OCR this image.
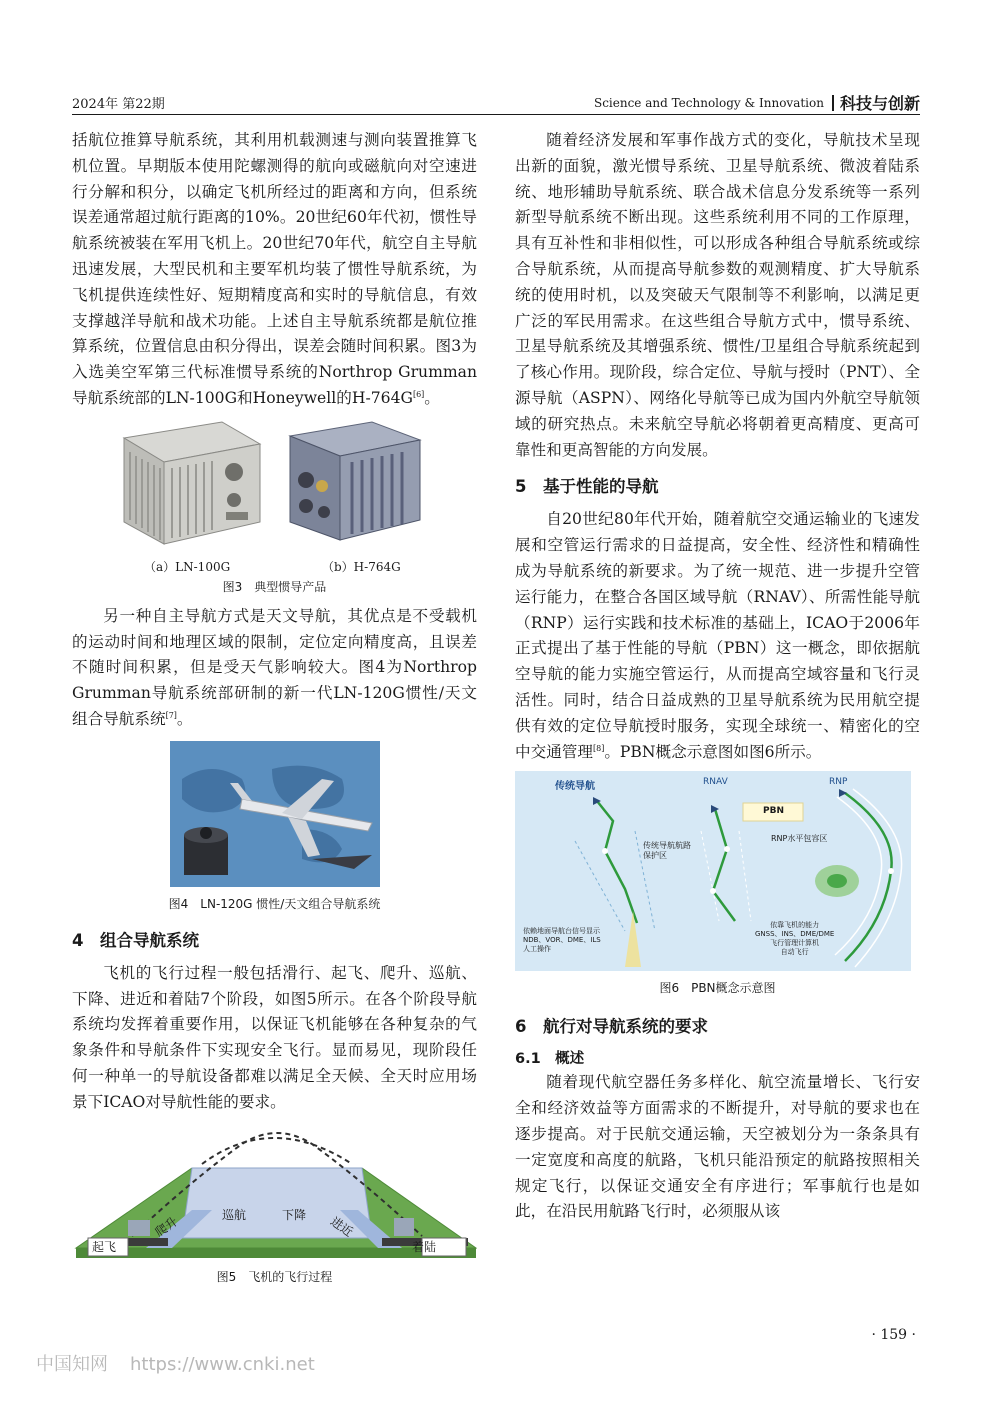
2024年 第22期	Science and Technology & Innovation 科技与创新

括航位推算导航系统，其利用机载测速与测向装置推算飞机位置。早期版本使用陀螺测得的航向或磁航向对空速进行分解和积分，以确定飞机所经过的距离和方向，但系统误差通常超过航行距离的10%。20世纪60年代初，惯性导航系统被装在军用飞机上。20世纪70年代，航空自主导航迅速发展，大型民机和主要军机均装了惯性导航系统，为飞机提供连续性好、短期精度高和实时的导航信息，有效支撑越洋导航和战术功能。上述自主导航系统都是航位推算系统，位置信息由积分得出，误差会随时间积累。图3为入选美空军第三代标准惯导系统的Northrop Grumman导航系统部的LN-100G和Honeywell的H-764G[6]。

（a）LN-100G	（b）H-764G
图3　典型惯导产品

另一种自主导航方式是天文导航，其优点是不受载机的运动时间和地理区域的限制，定位定向精度高，且误差不随时间积累，但是受天气影响较大。图4为Northrop Grumman导航系统部研制的新一代LN-120G惯性/天文组合导航系统[7]。

图4　LN-120G 惯性/天文组合导航系统
4　组合导航系统

飞机的飞行过程一般包括滑行、起飞、爬升、巡航、下降、进近和着陆7个阶段，如图5所示。在各个阶段导航系统均发挥着重要作用，以保证飞机能够在各种复杂的气象条件和导航条件下实现安全飞行。显而易见，现阶段任何一种单一的导航设备都难以满足全天候、全天时应用场景下ICAO对导航性能的要求。

起飞
爬升	巡航	下降 进近
着陆
图5　飞机的飞行过程

随着经济发展和军事作战方式的变化，导航技术呈现出新的面貌，激光惯导系统、卫星导航系统、微波着陆系统、地形辅助导航系统、联合战术信息分发系统等一系列新型导航系统不断出现。这些系统利用不同的工作原理，具有互补性和非相似性，可以形成各种组合导航系统或综合导航系统，从而提高导航参数的观测精度、扩大导航系统的使用时机，以及突破天气限制等不利影响，以满足更广泛的军民用需求。在这些组合导航方式中，惯导系统、卫星导航系统及其增强系统、惯性/卫星组合导航系统起到了核心作用。现阶段，综合定位、导航与授时（PNT）、全源导航（ASPN）、网络化导航等已成为国内外航空导航领域的研究热点。未来航空导航必将朝着更高精度、更高可靠性和更高智能的方向发展。

5　基于性能的导航

自20世纪80年代开始，随着航空交通运输业的飞速发展和空管运行需求的日益提高，安全性、经济性和精确性成为导航系统的新要求。为了统一规范、进一步提升空管运行能力，在整合各国区域导航（RNAV）、所需性能导航（RNP）运行实践和技术标准的基础上，ICAO于2006年正式提出了基于性能的导航（PBN）这一概念，即依据航空导航的能力实施空管运行，从而提高空域容量和飞行灵活性。同时，结合日益成熟的卫星导航系统为民用航空提供有效的定位导航授时服务，实现全球统一、精密化的空中交通管理[8]。PBN概念示意图如图6所示。

传统导航	RNAV	RNP
PBN
传统导航航路
保护区
RNP水平包容区
依赖地面导航台信号显示
NDB、VOR、DME、ILS
人工操作
依靠飞机的能力
GNSS、INS、DME/DME
飞行管理计算机
自动飞行
图6　PBN概念示意图
6　航行对导航系统的要求
6.1　概述

随着现代航空器任务多样化、航空流量增长、飞行安全和经济效益等方面需求的不断提升，对导航的要求也在逐步提高。对于民航交通运输，天空被划分为一条条具有一定宽度和高度的航路，飞机只能沿预定的航路按照相关规定飞行，以保证交通安全有序进行；军事航行也是如此，在沿民用航路飞行时，必须服从该

· 159 ·
中国知网 https://www.cnki.net
